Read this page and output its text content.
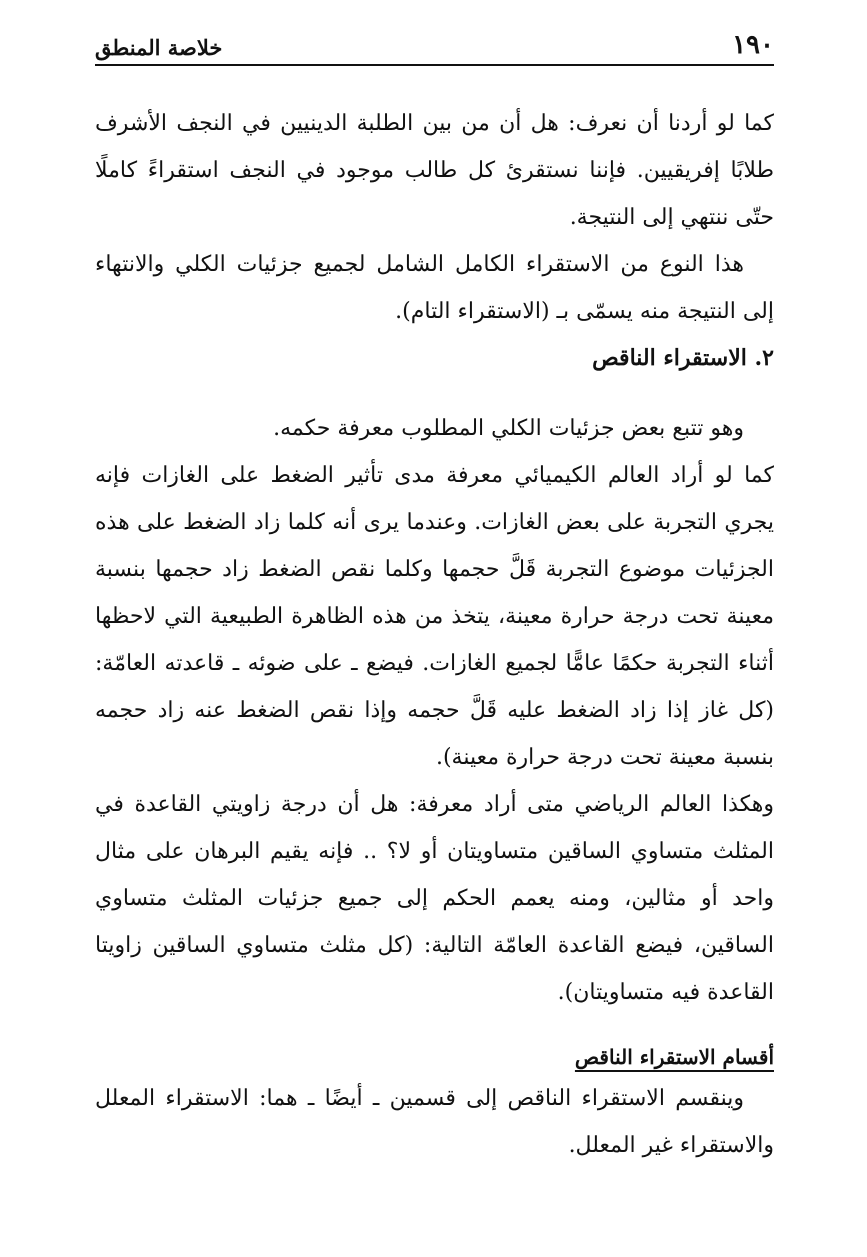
١٩٠
خلاصة المنطق

كما لو أردنا أن نعرف: هل أن من بين الطلبة الدينيين في النجف الأشرف طلابًا إفريقيين. فإننا نستقرئ كل طالب موجود في النجف استقراءً كاملًا حتّى ننتهي إلى النتيجة.

هذا النوع من الاستقراء الكامل الشامل لجميع جزئيات الكلي والانتهاء إلى النتيجة منه يسمّى بـ (الاستقراء التام).

٢. الاستقراء الناقص

وهو تتبع بعض جزئيات الكلي المطلوب معرفة حكمه.

كما لو أراد العالم الكيميائي معرفة مدى تأثير الضغط على الغازات فإنه يجري التجربة على بعض الغازات. وعندما يرى أنه كلما زاد الضغط على هذه الجزئيات موضوع التجربة قَلَّ حجمها وكلما نقص الضغط زاد حجمها بنسبة معينة تحت درجة حرارة معينة، يتخذ من هذه الظاهرة الطبيعية التي لاحظها أثناء التجربة حكمًا عامًّا لجميع الغازات. فيضع ـ على ضوئه ـ قاعدته العامّة: (كل غاز إذا زاد الضغط عليه قَلَّ حجمه وإذا نقص الضغط عنه زاد حجمه بنسبة معينة تحت درجة حرارة معينة).

وهكذا العالم الرياضي متى أراد معرفة: هل أن درجة زاويتي القاعدة في المثلث متساوي الساقين متساويتان أو لا؟ .. فإنه يقيم البرهان على مثال واحد أو مثالين، ومنه يعمم الحكم إلى جميع جزئيات المثلث متساوي الساقين، فيضع القاعدة العامّة التالية: (كل مثلث متساوي الساقين زاويتا القاعدة فيه متساويتان).

أقسام الاستقراء الناقص

وينقسم الاستقراء الناقص إلى قسمين ـ أيضًا ـ هما: الاستقراء المعلل والاستقراء غير المعلل.
